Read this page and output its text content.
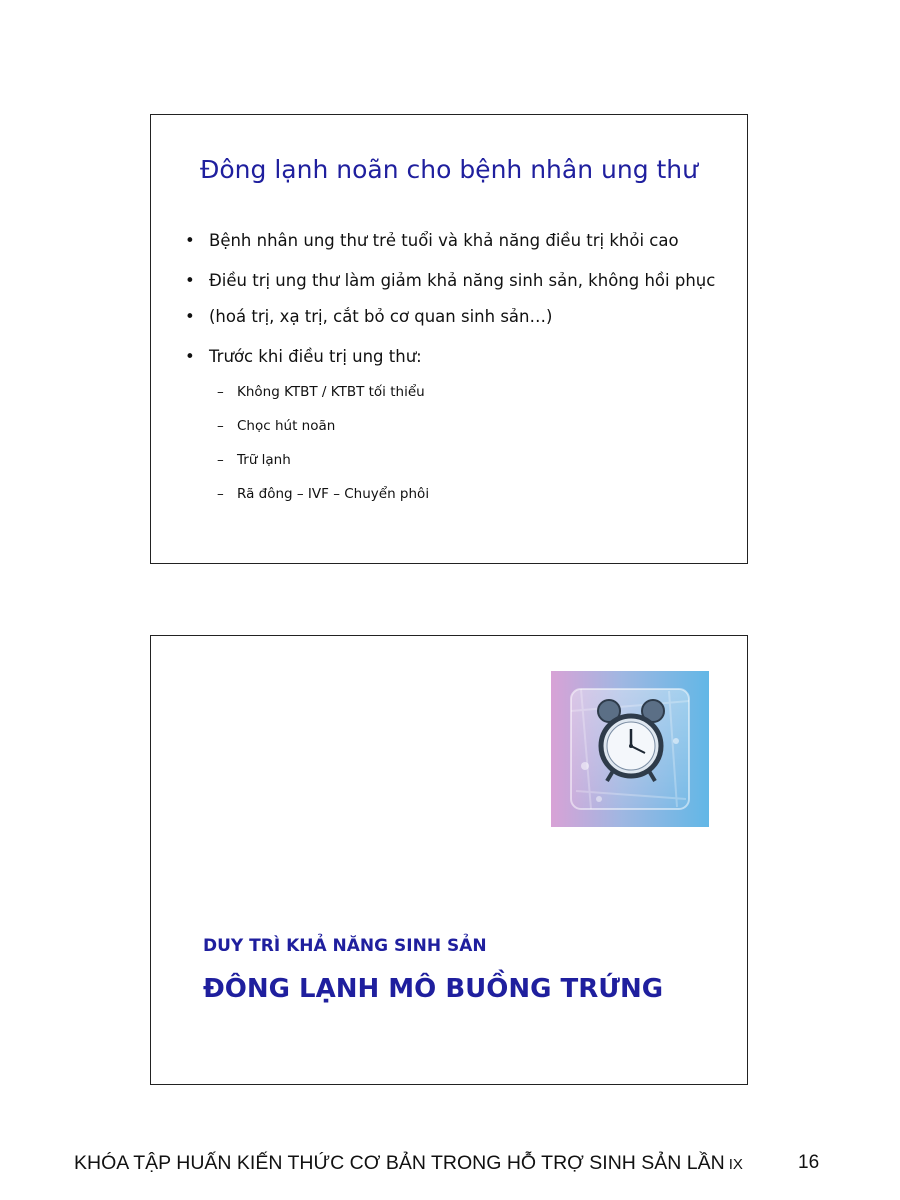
Đông lạnh noãn cho bệnh nhân ung thư
• Bệnh nhân ung thư trẻ tuổi và khả năng điều trị khỏi cao
• Điều trị ung thư làm giảm khả năng sinh sản, không hồi phục
• (hoá trị, xạ trị, cắt bỏ cơ quan sinh sản…)
• Trước khi điều trị ung thư:
– Không KTBT / KTBT tối thiểu
– Chọc hút noãn
– Trữ lạnh
– Rã đông – IVF – Chuyển phôi
DUY TRÌ KHẢ NĂNG SINH SẢN
ĐÔNG LẠNH MÔ BUỒNG TRỨNG
KHÓA TẬP HUẤN KIẾN THỨC CƠ BẢN TRONG HỖ TRỢ SINH SẢN LẦN IX	16
